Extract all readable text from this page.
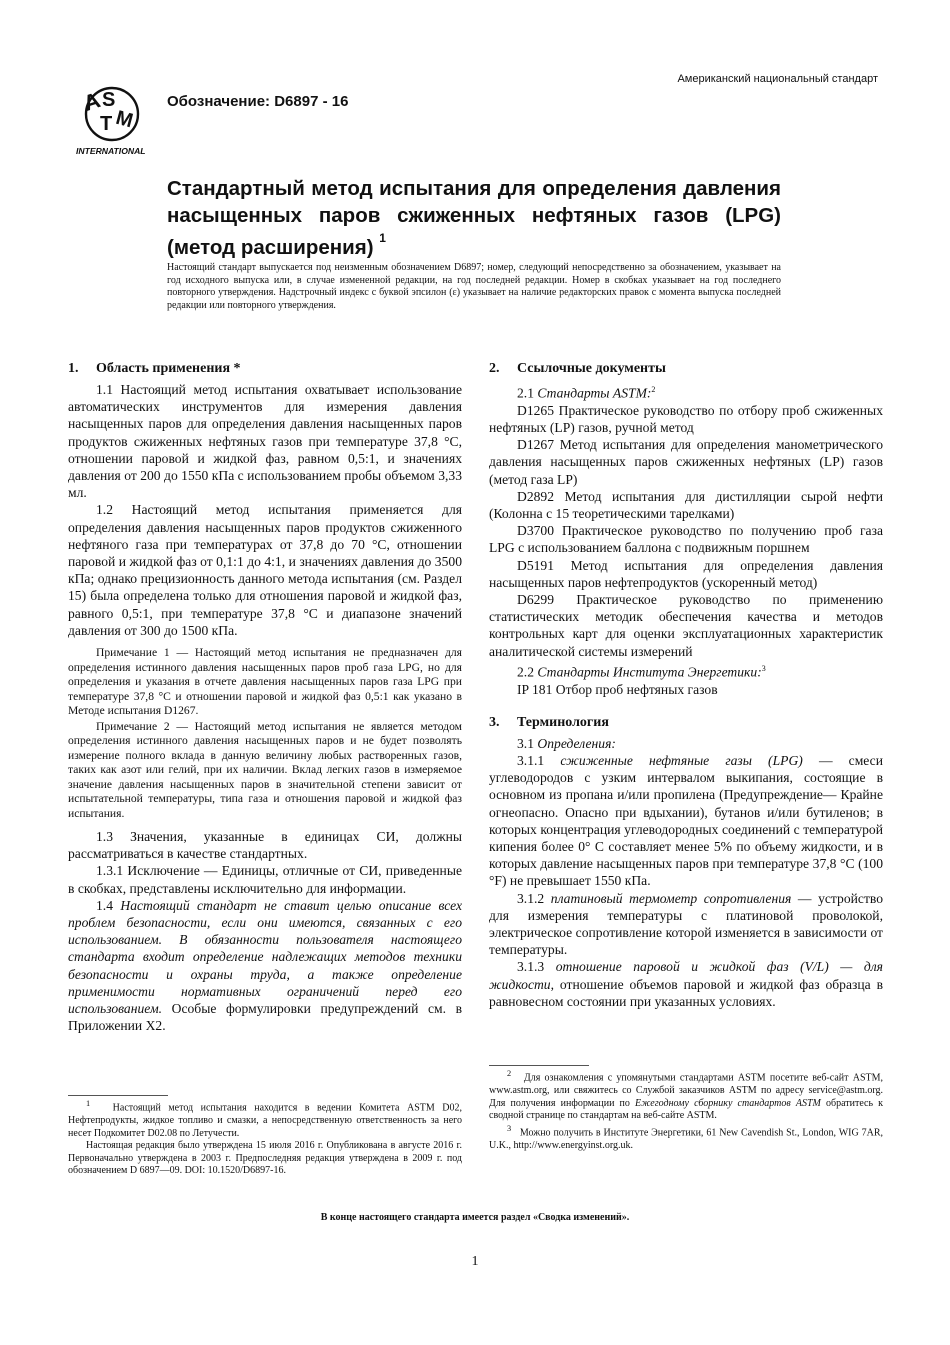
A
S
T M
INTERNATIONAL
Американский национальный стандарт
Обозначение: D6897 - 16
Стандартный метод испытания для определения давления насыщенных паров сжиженных нефтяных газов (LPG) (метод расширения) $^1$
Настоящий стандарт выпускается под неизменным обозначением D6897; номер, следующий непосредственно за обозначением, указывает на год исходного выпуска или, в случае измененной редакции, на год последней редакции. Номер в скобках указывает на год последнего повторного утверждения. Надстрочный индекс с буквой эпсилон (ε) указывает на наличие редакторских правок с момента выпуска последней редакции или повторного утверждения.
1. Область применения *

1.1 Настоящий метод испытания охватывает использование автоматических инструментов для измерения давления насыщенных паров для определения давления насыщенных паров продуктов сжиженных нефтяных газов при температуре 37,8 °C, отношении паровой и жидкой фаз, равном 0,5:1, и значениях давления от 200 до 1550 кПа с использованием пробы объемом 3,33 мл.

1.2 Настоящий метод испытания применяется для определения давления насыщенных паров продуктов сжиженного нефтяного газа при температурах от 37,8 до 70 °C, отношении паровой и жидкой фаз от 0,1:1 до 4:1, и значениях давления до 3500 кПа; однако прецизионность данного метода испытания (см. Раздел 15) была определена только для отношения паровой и жидкой фаз, равного 0,5:1, при температуре 37,8 °C и диапазоне значений давления от 300 до 1500 кПа.

Примечание 1 — Настоящий метод испытания не предназначен для определения истинного давления насыщенных паров проб газа LPG, но для определения и указания в отчете давления насыщенных паров газа LPG при температуре 37,8 °C и отношении паровой и жидкой фаз 0,5:1 как указано в Методе испытания D1267.

Примечание 2 — Настоящий метод испытания не является методом определения истинного давления насыщенных паров и не будет позволять измерение полного вклада в данную величину любых растворенных газов, таких как азот или гелий, при их наличии. Вклад легких газов в измеряемое значение давления насыщенных паров в значительной степени зависит от испытательной температуры, типа газа и отношения паровой и жидкой фаз испытания.

1.3 Значения, указанные в единицах СИ, должны рассматриваться в качестве стандартных.

1.3.1 Исключение — Единицы, отличные от СИ, приведенные в скобках, представлены исключительно для информации.

1.4 Настоящий стандарт не ставит целью описание всех проблем безопасности, если они имеются, связанных с его использованием. В обязанности пользователя настоящего стандарта входит определение надлежащих методов техники безопасности и охраны труда, а также определение применимости нормативных ограничений перед его использованием. Особые формулировки предупреждений см. в Приложении X2.

2. Ссылочные документы

2.1 Стандарты ASTM:$^2$

D1265 Практическое руководство по отбору проб сжиженных нефтяных (LP) газов, ручной метод

D1267 Метод испытания для определения манометрического давления насыщенных паров сжиженных нефтяных (LP) газов (метод газа LP)

D2892 Метод испытания для дистилляции сырой нефти (Колонна с 15 теоретическими тарелками)

D3700 Практическое руководство по получению проб газа LPG с использованием баллона с подвижным поршнем

D5191 Метод испытания для определения давления насыщенных паров нефтепродуктов (ускоренный метод)

D6299 Практическое руководство по применению статистических методик обеспечения качества и методов контрольных карт для оценки эксплуатационных характеристик аналитической системы измерений

2.2 Стандарты Института Энергетики:$^3$

IP 181 Отбор проб нефтяных газов

3. Терминология

3.1 Определения:

3.1.1 сжиженные нефтяные газы (LPG) — смеси углеводородов с узким интервалом выкипания, состоящие в основном из пропана и/или пропилена (Предупреждение— Крайне огнеопасно. Опасно при вдыхании), бутанов и/или бутиленов; в которых концентрация углеводородных соединений с температурой кипения более 0° C составляет менее 5% по объему жидкости, и в которых давление насыщенных паров при температуре 37,8 °C (100 °F) не превышает 1550 кПа.

3.1.2 платиновый термометр сопротивления — устройство для измерения температуры с платиновой проволокой, электрическое сопротивление которой изменяется в зависимости от температуры.

3.1.3 отношение паровой и жидкой фаз (V/L) — для жидкости, отношение объемов паровой и жидкой фаз образца в равновесном состоянии при указанных условиях.

$^1$ Настоящий метод испытания находится в ведении Комитета ASTM D02, Нефтепродукты, жидкое топливо и смазки, а непосредственную ответственность за него несет Подкомитет D02.08 по Летучести.

Настоящая редакция было утверждена 15 июля 2016 г. Опубликована в августе 2016 г. Первоначально утверждена в 2003 г. Предпоследняя редакция утверждена в 2009 г. под обозначением D 6897—09. DOI: 10.1520/D6897-16.

$^2$ Для ознакомления с упомянутыми стандартами ASTM посетите веб-сайт ASTM, www.astm.org, или свяжитесь со Службой заказчиков ASTM по адресу service@astm.org. Для получения информации по Ежегодному сборнику стандартов ASTM обратитесь к сводной странице по стандартам на веб-сайте ASTM.

$^3$ Можно получить в Институте Энергетики, 61 New Cavendish St., London, WIG 7AR, U.K., http://www.energyinst.org.uk.

В конце настоящего стандарта имеется раздел «Сводка изменений».
1
